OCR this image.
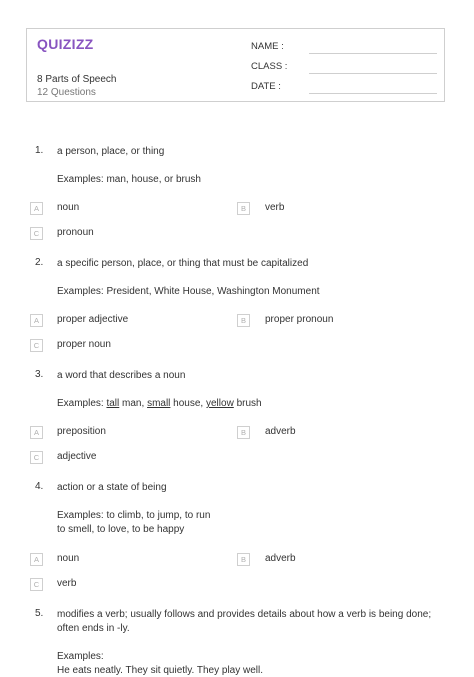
QUIZIZZ
8 Parts of Speech
12 Questions
NAME :
CLASS :
DATE :
1. a person, place, or thing
Examples: man, house, or brush
A	noun	B	verb
C	pronoun
2. a specific person, place, or thing that must be capitalized
Examples: President, White House, Washington Monument
A	proper adjective	B	proper pronoun
C	proper noun
3. a word that describes a noun
Examples: tall man, small house, yellow brush
A	preposition	B	adverb
C	adjective
4. action or a state of being
Examples: to climb, to jump, to run
to smell, to love, to be happy
A	noun	B	adverb
C	verb
5. modifies a verb; usually follows and provides details about how a verb is being done;
often ends in -ly.
Examples:
He eats neatly. They sit quietly. They play well.
